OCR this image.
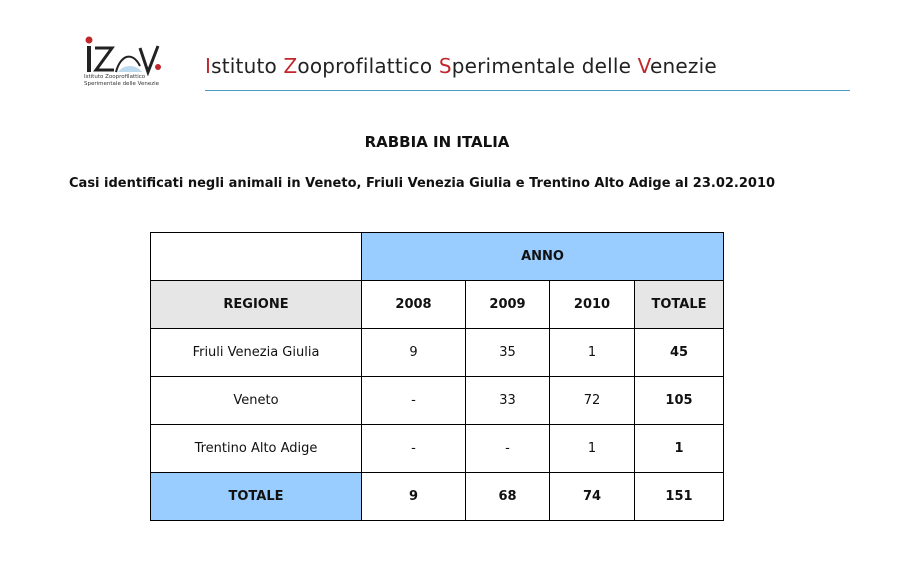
Istituto Zooprofilattico
Sperimentale delle Venezie
Istituto Zooprofilattico Sperimentale delle Venezie
RABBIA IN ITALIA
Casi identificati negli animali in Veneto, Friuli Venezia Giulia e Trentino Alto Adige al 23.02.2010
	ANNO			
REGIONE	2008	2009	2010	TOTALE
Friuli Venezia Giulia	9	35	1	45
Veneto	-	33	72	105
Trentino Alto Adige	-	-	1	1
TOTALE	9	68	74	151
